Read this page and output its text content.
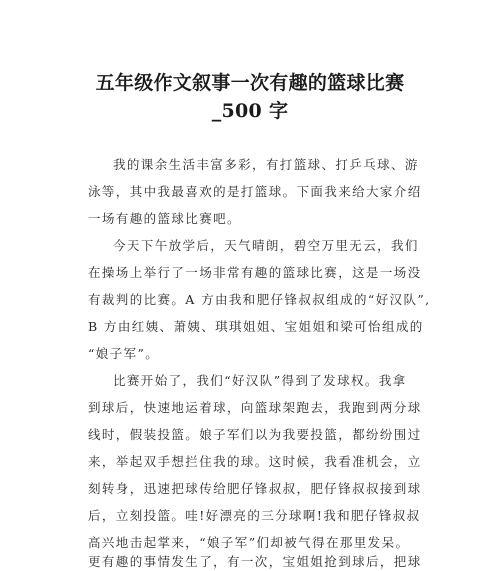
五年级作文叙事一次有趣的篮球比赛
_500 字
我的课余生活丰富多彩，有打篮球、打乒乓球、游
泳等，其中我最喜欢的是打篮球。下面我来给大家介绍
一场有趣的篮球比赛吧。
今天下午放学后，天气晴朗，碧空万里无云，我们
在操场上举行了一场非常有趣的篮球比赛，这是一场没
有裁判的比赛。A 方由我和肥仔锋叔叔组成的“好汉队”,
B 方由红姨、萧姨、琪琪姐姐、宝姐姐和梁可怡组成的
“娘子军”。
比赛开始了，我们“好汉队”得到了发球权。我拿
到球后，快速地运着球，向篮球架跑去，我跑到两分球
线时，假装投篮。娘子军们以为我要投篮，都纷纷围过
来，举起双手想拦住我的球。这时候，我看准机会，立
刻转身，迅速把球传给肥仔锋叔叔，肥仔锋叔叔接到球
后，立刻投篮。哇!好漂亮的三分球啊!我和肥仔锋叔叔
高兴地击起掌来，“娘子军”们却被气得在那里发呆。
更有趣的事情发生了，有一次，宝姐姐抢到球后，把球
